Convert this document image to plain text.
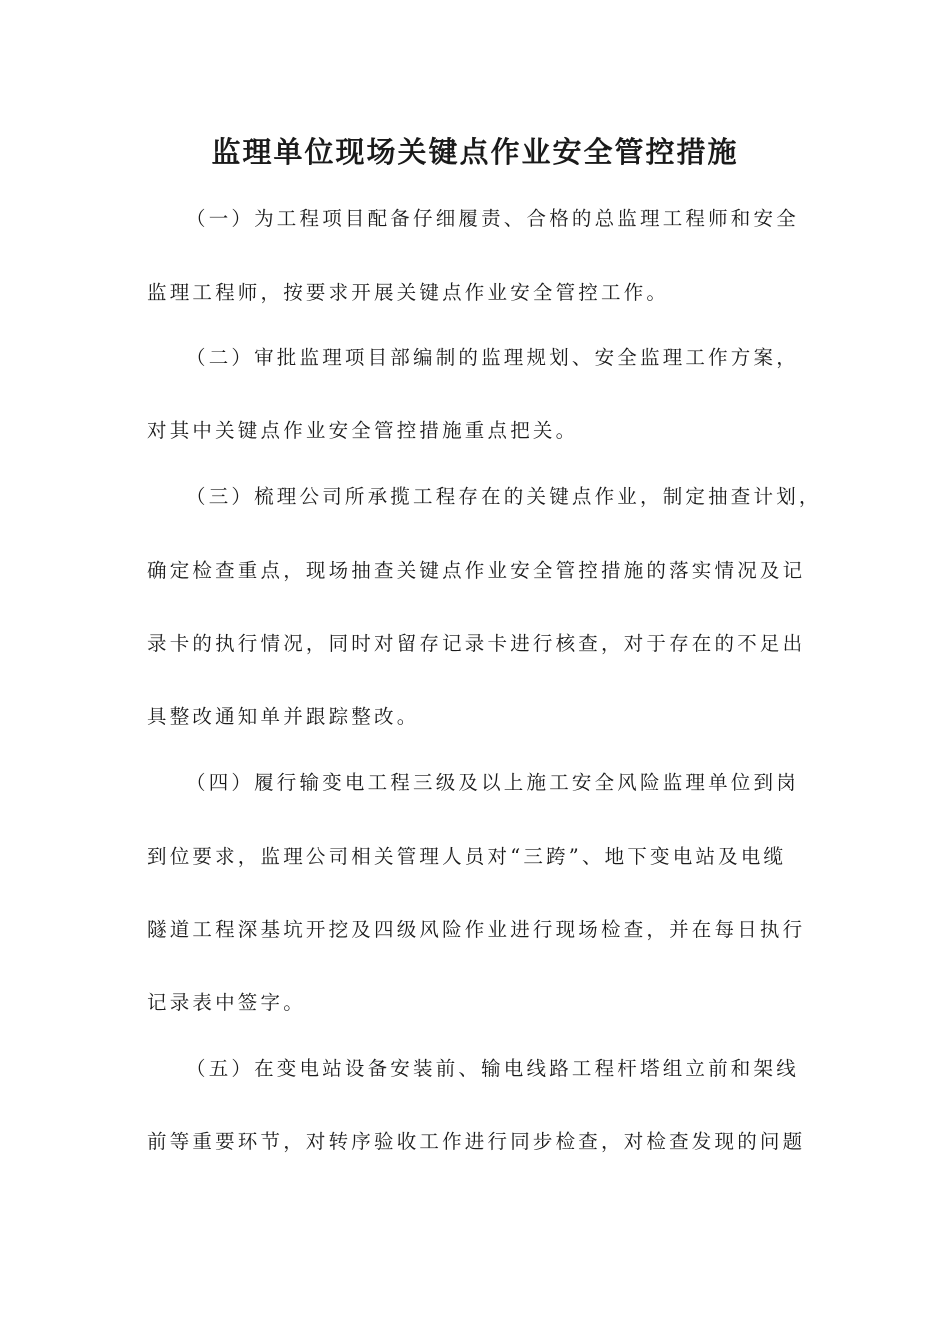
监理单位现场关键点作业安全管控措施
（一）为工程项目配备仔细履责、合格的总监理工程师和安全
监理工程师，按要求开展关键点作业安全管控工作。
（二）审批监理项目部编制的监理规划、安全监理工作方案，
对其中关键点作业安全管控措施重点把关。
（三）梳理公司所承揽工程存在的关键点作业，制定抽查计划，
确定检查重点，现场抽查关键点作业安全管控措施的落实情况及记
录卡的执行情况，同时对留存记录卡进行核查，对于存在的不足出
具整改通知单并跟踪整改。
（四）履行输变电工程三级及以上施工安全风险监理单位到岗
到位要求，监理公司相关管理人员对“三跨”、地下变电站及电缆
隧道工程深基坑开挖及四级风险作业进行现场检查，并在每日执行
记录表中签字。
（五）在变电站设备安装前、输电线路工程杆塔组立前和架线
前等重要环节，对转序验收工作进行同步检查，对检查发现的问题
